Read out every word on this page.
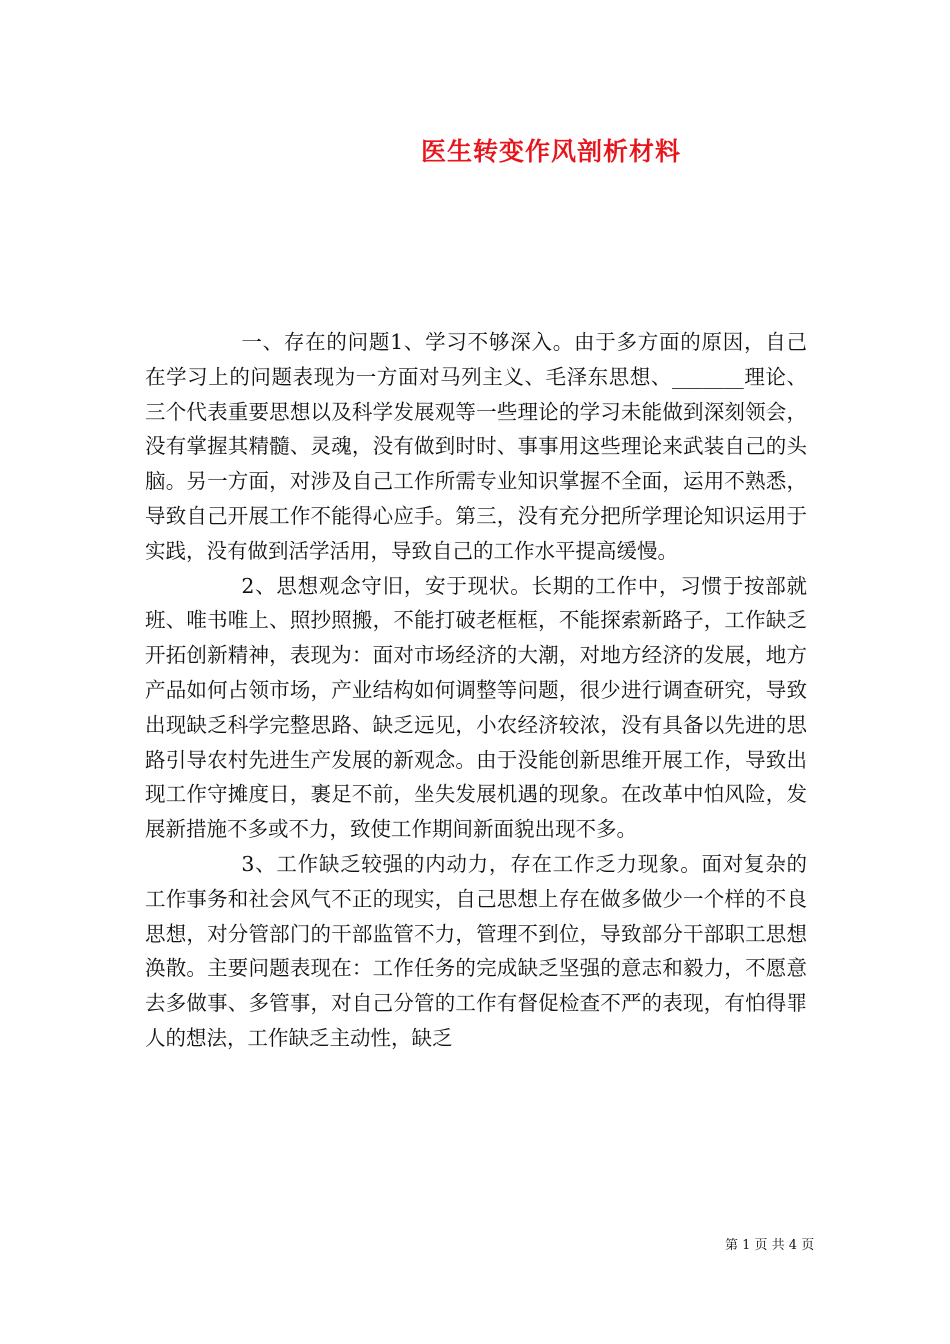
医生转变作风剖析材料

一、存在的问题1、学习不够深入。由于多方面的原因，自己在学习上的问题表现为一方面对马列主义、毛泽东思想、_______理论、三个代表重要思想以及科学发展观等一些理论的学习未能做到深刻领会，没有掌握其精髓、灵魂，没有做到时时、事事用这些理论来武装自己的头脑。另一方面，对涉及自己工作所需专业知识掌握不全面，运用不熟悉，导致自己开展工作不能得心应手。第三，没有充分把所学理论知识运用于实践，没有做到活学活用，导致自己的工作水平提高缓慢。

2、思想观念守旧，安于现状。长期的工作中，习惯于按部就班、唯书唯上、照抄照搬，不能打破老框框，不能探索新路子，工作缺乏开拓创新精神，表现为：面对市场经济的大潮，对地方经济的发展，地方产品如何占领市场，产业结构如何调整等问题，很少进行调查研究，导致出现缺乏科学完整思路、缺乏远见，小农经济较浓，没有具备以先进的思路引导农村先进生产发展的新观念。由于没能创新思维开展工作，导致出现工作守摊度日，裹足不前，坐失发展机遇的现象。在改革中怕风险，发展新措施不多或不力，致使工作期间新面貌出现不多。

3、工作缺乏较强的内动力，存在工作乏力现象。面对复杂的工作事务和社会风气不正的现实，自己思想上存在做多做少一个样的不良思想，对分管部门的干部监管不力，管理不到位，导致部分干部职工思想涣散。主要问题表现在：工作任务的完成缺乏坚强的意志和毅力，不愿意去多做事、多管事，对自己分管的工作有督促检查不严的表现，有怕得罪人的想法，工作缺乏主动性，缺乏

第 1 页 共 4 页
